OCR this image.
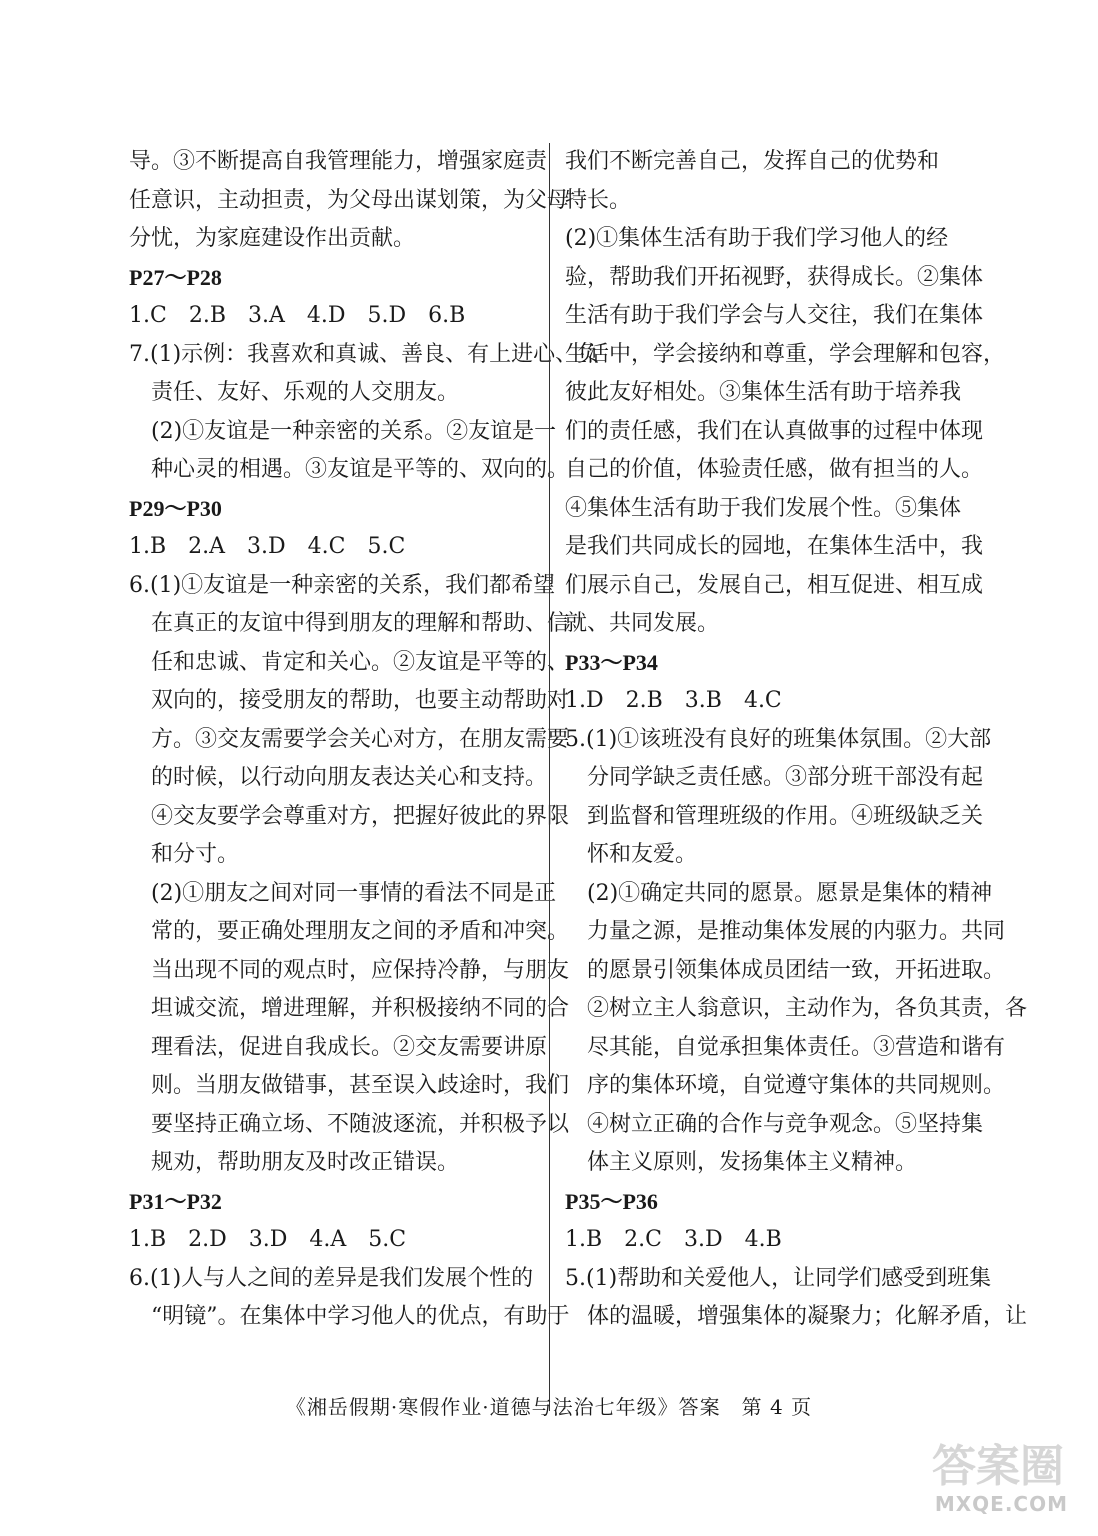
导。③不断提高自我管理能力，增强家庭责
任意识，主动担责，为父母出谋划策，为父母
分忧，为家庭建设作出贡献。
P27～P28
1.C　2.B　3.A　4.D　5.D　6.B
7.(1)示例：我喜欢和真诚、善良、有上进心、负
　责任、友好、乐观的人交朋友。
　(2)①友谊是一种亲密的关系。②友谊是一
　种心灵的相遇。③友谊是平等的、双向的。
P29～P30
1.B　2.A　3.D　4.C　5.C
6.(1)①友谊是一种亲密的关系，我们都希望
　在真正的友谊中得到朋友的理解和帮助、信
　任和忠诚、肯定和关心。②友谊是平等的、
　双向的，接受朋友的帮助，也要主动帮助对
　方。③交友需要学会关心对方，在朋友需要
　的时候，以行动向朋友表达关心和支持。
　④交友要学会尊重对方，把握好彼此的界限
　和分寸。
　(2)①朋友之间对同一事情的看法不同是正
　常的，要正确处理朋友之间的矛盾和冲突。
　当出现不同的观点时，应保持冷静，与朋友
　坦诚交流，增进理解，并积极接纳不同的合
　理看法，促进自我成长。②交友需要讲原
　则。当朋友做错事，甚至误入歧途时，我们
　要坚持正确立场、不随波逐流，并积极予以
　规劝，帮助朋友及时改正错误。
P31～P32
1.B　2.D　3.D　4.A　5.C
6.(1)人与人之间的差异是我们发展个性的
　“明镜”。在集体中学习他人的优点，有助于
我们不断完善自己，发挥自己的优势和
特长。
(2)①集体生活有助于我们学习他人的经
验，帮助我们开拓视野，获得成长。②集体
生活有助于我们学会与人交往，我们在集体
生活中，学会接纳和尊重，学会理解和包容，
彼此友好相处。③集体生活有助于培养我
们的责任感，我们在认真做事的过程中体现
自己的价值，体验责任感，做有担当的人。
④集体生活有助于我们发展个性。⑤集体
是我们共同成长的园地，在集体生活中，我
们展示自己，发展自己，相互促进、相互成
就、共同发展。
P33～P34
1.D　2.B　3.B　4.C
5.(1)①该班没有良好的班集体氛围。②大部
　分同学缺乏责任感。③部分班干部没有起
　到监督和管理班级的作用。④班级缺乏关
　怀和友爱。
　(2)①确定共同的愿景。愿景是集体的精神
　力量之源，是推动集体发展的内驱力。共同
　的愿景引领集体成员团结一致，开拓进取。
　②树立主人翁意识，主动作为，各负其责，各
　尽其能，自觉承担集体责任。③营造和谐有
　序的集体环境，自觉遵守集体的共同规则。
　④树立正确的合作与竞争观念。⑤坚持集
　体主义原则，发扬集体主义精神。
P35～P36
1.B　2.C　3.D　4.B
5.(1)帮助和关爱他人，让同学们感受到班集
　体的温暖，增强集体的凝聚力；化解矛盾，让
《湘岳假期·寒假作业·道德与法治七年级》答案　第 4 页
答案圈
MXQE.COM
